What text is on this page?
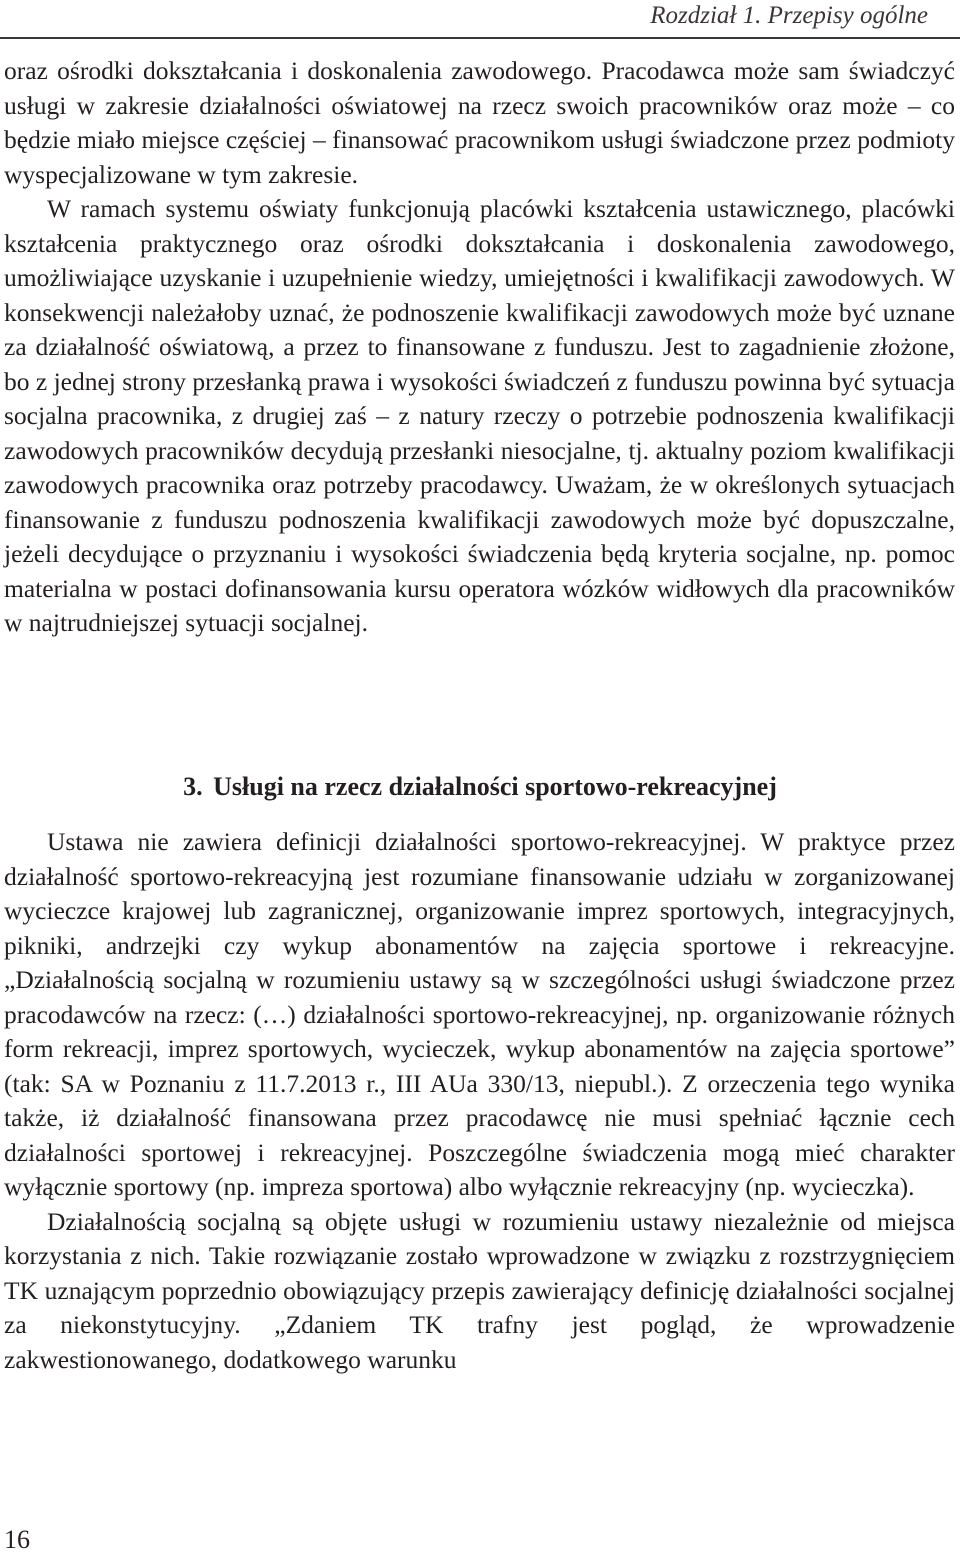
Rozdział 1. Przepisy ogólne

oraz ośrodki dokształcania i doskonalenia zawodowego. Pracodawca może sam świadczyć usługi w zakresie działalności oświatowej na rzecz swoich pracowników oraz może – co będzie miało miejsce częściej – finansować pracownikom usługi świadczone przez podmioty wyspecjalizowane w tym zakresie.

W ramach systemu oświaty funkcjonują placówki kształcenia ustawicznego, placówki kształcenia praktycznego oraz ośrodki dokształcania i doskonalenia zawodowego, umożliwiające uzyskanie i uzupełnienie wiedzy, umiejętności i kwalifikacji zawodowych. W konsekwencji należałoby uznać, że podnoszenie kwalifikacji zawodowych może być uznane za działalność oświatową, a przez to finansowane z funduszu. Jest to zagadnienie złożone, bo z jednej strony przesłanką prawa i wysokości świadczeń z funduszu powinna być sytuacja socjalna pracownika, z drugiej zaś – z natury rzeczy o potrzebie podnoszenia kwalifikacji zawodowych pracowników decydują przesłanki niesocjalne, tj. aktualny poziom kwalifikacji zawodowych pracownika oraz potrzeby pracodawcy. Uważam, że w określonych sytuacjach finansowanie z funduszu podnoszenia kwalifikacji zawodowych może być dopuszczalne, jeżeli decydujące o przyznaniu i wysokości świadczenia będą kryteria socjalne, np. pomoc materialna w postaci dofinansowania kursu operatora wózków widłowych dla pracowników w najtrudniejszej sytuacji socjalnej.

3. Usługi na rzecz działalności sportowo-rekreacyjnej

Ustawa nie zawiera definicji działalności sportowo-rekreacyjnej. W praktyce przez działalność sportowo-rekreacyjną jest rozumiane finansowanie udziału w zorganizowanej wycieczce krajowej lub zagranicznej, organizowanie imprez sportowych, integracyjnych, pikniki, andrzejki czy wykup abonamentów na zajęcia sportowe i rekreacyjne. „Działalnością socjalną w rozumieniu ustawy są w szczególności usługi świadczone przez pracodawców na rzecz: (…) działalności sportowo-rekreacyjnej, np. organizowanie różnych form rekreacji, imprez sportowych, wycieczek, wykup abonamentów na zajęcia sportowe” (tak: SA w Poznaniu z 11.7.2013 r., III AUa 330/13, niepubl.). Z orzeczenia tego wynika także, iż działalność finansowana przez pracodawcę nie musi spełniać łącznie cech działalności sportowej i rekreacyjnej. Poszczególne świadczenia mogą mieć charakter wyłącznie sportowy (np. impreza sportowa) albo wyłącznie rekreacyjny (np. wycieczka).

Działalnością socjalną są objęte usługi w rozumieniu ustawy niezależnie od miejsca korzystania z nich. Takie rozwiązanie zostało wprowadzone w związku z rozstrzygnięciem TK uznającym poprzednio obowiązujący przepis zawierający definicję działalności socjalnej za niekonstytucyjny. „Zdaniem TK trafny jest pogląd, że wprowadzenie zakwestionowanego, dodatkowego warunku

16
